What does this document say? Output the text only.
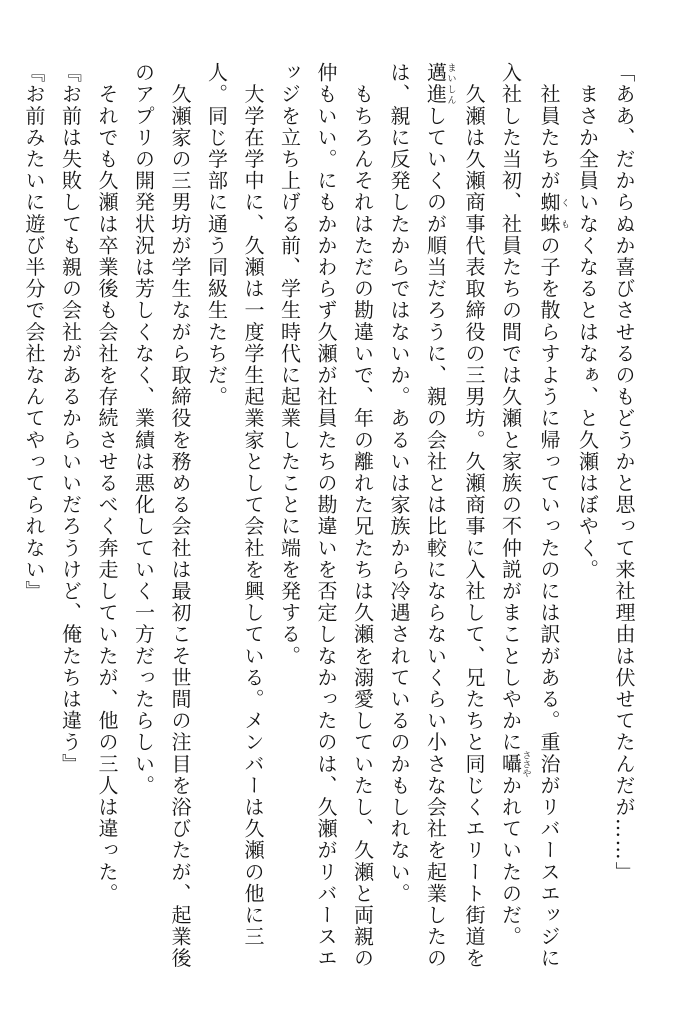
「ああ、だからぬか喜びさせるのもどうかと思って来社理由は伏せてたんだが……」
　まさか全員いなくなるとはなぁ、と久瀬はぼやく。
　社員たちが蜘蛛くもの子を散らすように帰っていったのには訳がある。重治がリバースエッジに
入社した当初、社員たちの間では久瀬と家族の不仲説がまことしやかに囁ささやかれていたのだ。
　久瀬は久瀬商事代表取締役の三男坊。久瀬商事に入社して、兄たちと同じくエリート街道を
邁進まいしんしていくのが順当だろうに、親の会社とは比較にならないくらい小さな会社を起業したの
は、親に反発したからではないか。あるいは家族から冷遇されているのかもしれない。
　もちろんそれはただの勘違いで、年の離れた兄たちは久瀬を溺愛していたし、久瀬と両親の
仲もいい。にもかかわらず久瀬が社員たちの勘違いを否定しなかったのは、久瀬がリバースエ
ッジを立ち上げる前、学生時代に起業したことに端を発する。
　大学在学中に、久瀬は一度学生起業家として会社を興している。メンバーは久瀬の他に三
人。同じ学部に通う同級生たちだ。
　久瀬家の三男坊が学生ながら取締役を務める会社は最初こそ世間の注目を浴びたが、起業後
のアプリの開発状況は芳しくなく、業績は悪化していく一方だったらしい。
　それでも久瀬は卒業後も会社を存続させるべく奔走していたが、他の三人は違った。
『お前は失敗しても親の会社があるからいいだろうけど、俺たちは違う』
『お前みたいに遊び半分で会社なんてやってられない』
